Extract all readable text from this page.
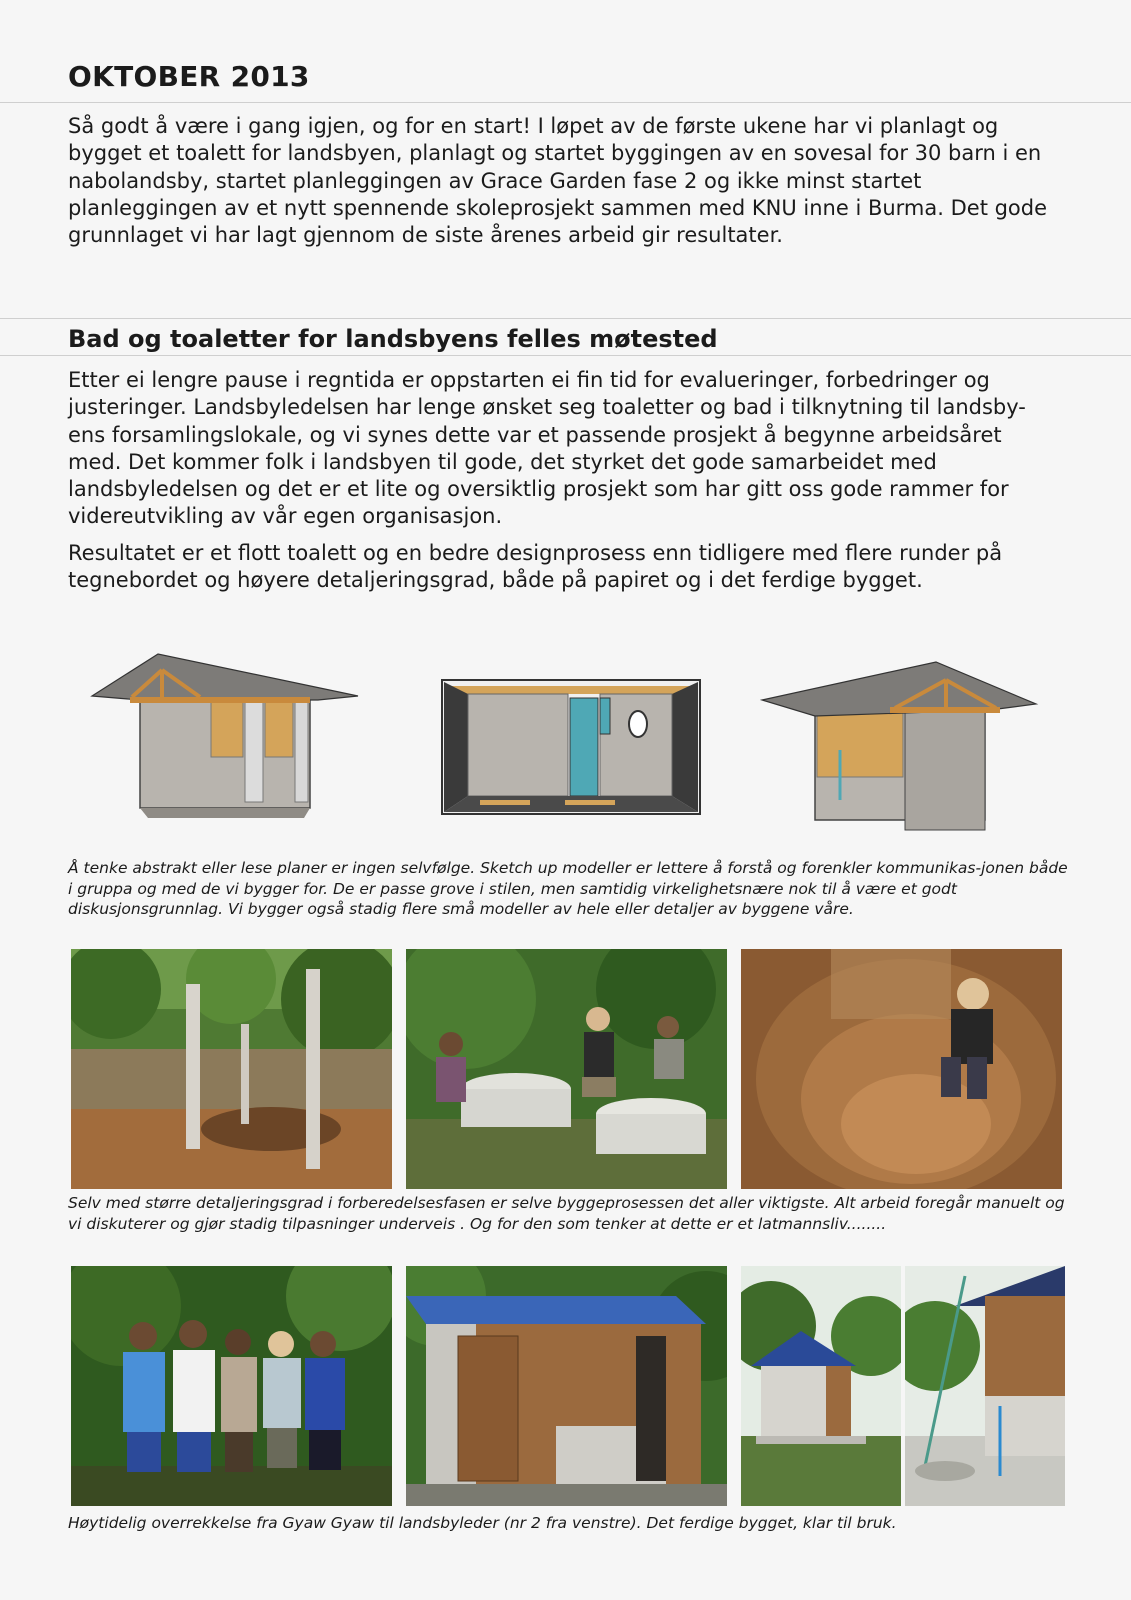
OKTOBER 2013

Så godt å være i gang igjen, og for en start! I løpet av de første ukene har vi planlagt og bygget et toalett for landsbyen, planlagt og startet byggingen av en sovesal for 30 barn i en nabolandsby, startet planleggingen av Grace Garden fase 2 og ikke minst startet planleggingen av et nytt spennende skoleprosjekt sammen med KNU inne i Burma. Det gode grunnlaget vi har lagt gjennom de siste årenes arbeid gir resultater.

Bad og toaletter for landsbyens felles møtested

Etter ei lengre pause i regntida er oppstarten ei fin tid for evalueringer, forbedringer og justeringer. Landsbyledelsen har lenge ønsket seg toaletter og bad i tilknytning til landsby-ens forsamlingslokale, og vi synes dette var et passende prosjekt å begynne arbeidsåret med. Det kommer folk i landsbyen til gode, det styrket det gode samarbeidet med landsbyledelsen og det er et lite og oversiktlig prosjekt som har gitt oss gode rammer for videreutvikling av vår egen organisasjon.

Resultatet er et flott toalett og en bedre designprosess enn tidligere med flere runder på tegnebordet og høyere detaljeringsgrad, både på papiret og i det ferdige bygget.

Å tenke abstrakt eller lese planer er ingen selvfølge. Sketch up modeller er lettere å forstå og forenkler kommunikas-jonen både i gruppa og med de vi bygger for. De er passe grove i stilen, men samtidig virkelighetsnære nok til å være et godt diskusjonsgrunnlag. Vi bygger også stadig flere små modeller av hele eller detaljer av byggene våre.

Selv med større detaljeringsgrad i forberedelsesfasen er selve byggeprosessen det aller viktigste. Alt arbeid foregår manuelt og vi diskuterer og gjør stadig tilpasninger underveis . Og for den som tenker at dette er et latmannsliv........

Høytidelig overrekkelse fra Gyaw Gyaw til landsbyleder (nr 2 fra venstre). Det ferdige bygget, klar til bruk.
